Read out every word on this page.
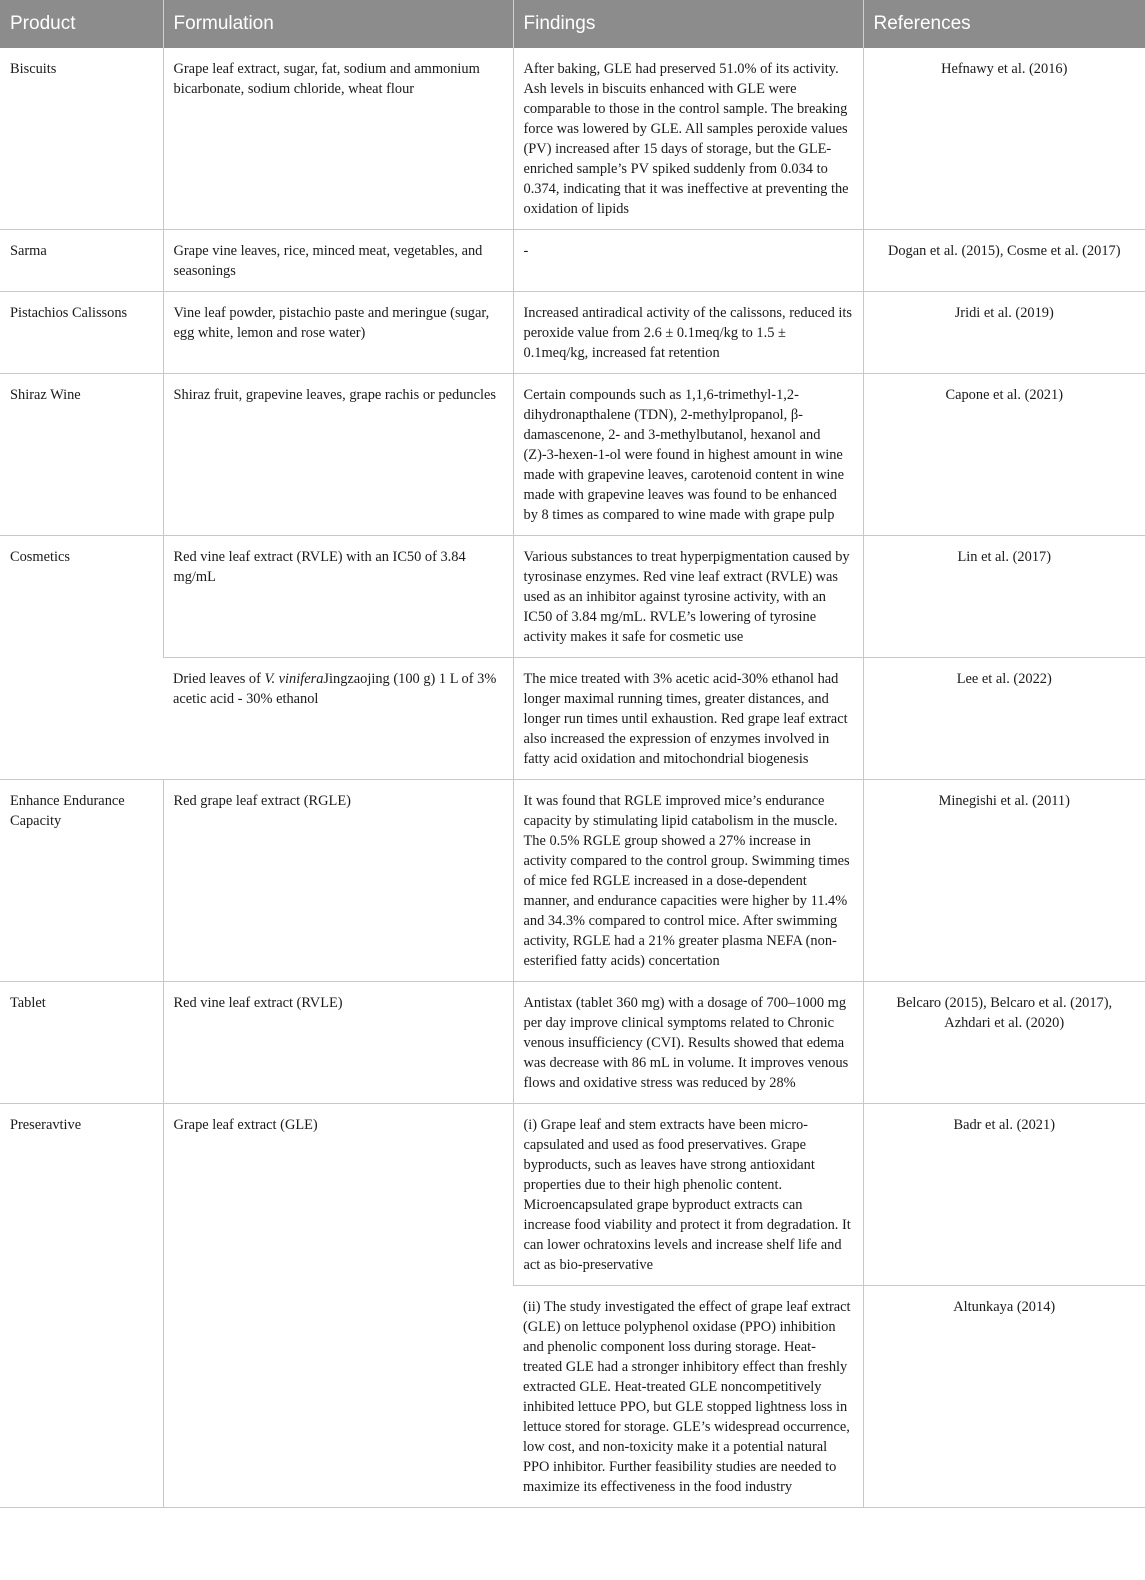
Product	Formulation	Findings	References
Biscuits	Grape leaf extract, sugar, fat, sodium and ammonium bicarbonate, sodium chloride, wheat flour	After baking, GLE had preserved 51.0% of its activity. Ash levels in biscuits enhanced with GLE were comparable to those in the control sample. The breaking force was lowered by GLE. All samples peroxide values (PV) increased after 15 days of storage, but the GLE-enriched sample’s PV spiked suddenly from 0.034 to 0.374, indicating that it was ineffective at preventing the oxidation of lipids	Hefnawy et al. (2016)
Sarma	Grape vine leaves, rice, minced meat, vegetables, and seasonings	-	Dogan et al. (2015), Cosme et al. (2017)
Pistachios Calissons	Vine leaf powder, pistachio paste and meringue (sugar, egg white, lemon and rose water)	Increased antiradical activity of the calissons, reduced its peroxide value from 2.6 ± 0.1meq/kg to 1.5 ± 0.1meq/kg, increased fat retention	Jridi et al. (2019)
Shiraz Wine	Shiraz fruit, grapevine leaves, grape rachis or peduncles	Certain compounds such as 1,1,6-trimethyl-1,2-dihydronapthalene (TDN), 2-methylpropanol, β-damascenone, 2- and 3-methylbutanol, hexanol and (Z)-3-hexen-1-ol were found in highest amount in wine made with grapevine leaves, carotenoid content in wine made with grapevine leaves was found to be enhanced by 8 times as compared to wine made with grape pulp	Capone et al. (2021)
Cosmetics	Red vine leaf extract (RVLE) with an IC50 of 3.84 mg/mL	Various substances to treat hyperpigmentation caused by tyrosinase enzymes. Red vine leaf extract (RVLE) was used as an inhibitor against tyrosine activity, with an IC50 of 3.84 mg/mL. RVLE’s lowering of tyrosine activity makes it safe for cosmetic use	Lin et al. (2017)
	Dried leaves of V. viniferaJingzaojing (100 g) 1 L of 3% acetic acid - 30% ethanol	The mice treated with 3% acetic acid-30% ethanol had longer maximal running times, greater distances, and longer run times until exhaustion. Red grape leaf extract also increased the expression of enzymes involved in fatty acid oxidation and mitochondrial biogenesis	Lee et al. (2022)
Enhance Endurance Capacity	Red grape leaf extract (RGLE)	It was found that RGLE improved mice’s endurance capacity by stimulating lipid catabolism in the muscle. The 0.5% RGLE group showed a 27% increase in activity compared to the control group. Swimming times of mice fed RGLE increased in a dose-dependent manner, and endurance capacities were higher by 11.4% and 34.3% compared to control mice. After swimming activity, RGLE had a 21% greater plasma NEFA (non-esterified fatty acids) concertation	Minegishi et al. (2011)
Tablet	Red vine leaf extract (RVLE)	Antistax (tablet 360 mg) with a dosage of 700–1000 mg per day improve clinical symptoms related to Chronic venous insufficiency (CVI). Results showed that edema was decrease with 86 mL in volume. It improves venous flows and oxidative stress was reduced by 28%	Belcaro (2015), Belcaro et al. (2017), Azhdari et al. (2020)
Preseravtive	Grape leaf extract (GLE)	(i) Grape leaf and stem extracts have been micro-capsulated and used as food preservatives. Grape byproducts, such as leaves have strong antioxidant properties due to their high phenolic content. Microencapsulated grape byproduct extracts can increase food viability and protect it from degradation. It can lower ochratoxins levels and increase shelf life and act as bio-preservative	Badr et al. (2021)
		(ii) The study investigated the effect of grape leaf extract (GLE) on lettuce polyphenol oxidase (PPO) inhibition and phenolic component loss during storage. Heat-treated GLE had a stronger inhibitory effect than freshly extracted GLE. Heat-treated GLE noncompetitively inhibited lettuce PPO, but GLE stopped lightness loss in lettuce stored for storage. GLE’s widespread occurrence, low cost, and non-toxicity make it a potential natural PPO inhibitor. Further feasibility studies are needed to maximize its effectiveness in the food industry	Altunkaya (2014)
